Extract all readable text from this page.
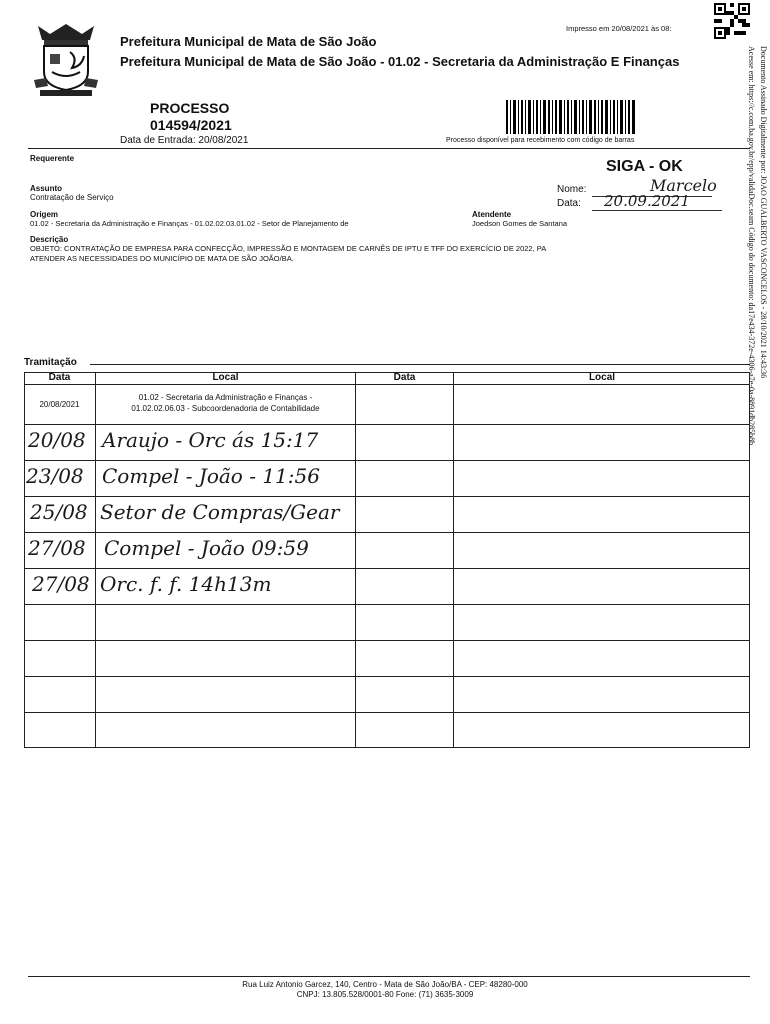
Prefeitura Municipal de Mata de São João
Prefeitura Municipal de Mata de São João - 01.02 - Secretaria da Administração E Finanças
Impresso em 20/08/2021 às 08:
Documento Assinado Digitalmente por: JOAO GUALBERTO VASCONCELOS - 28/10/2021 14:43:36
Acesse em: https://c.com.ba.gov.br/epp/validaDoc.seam Código do documento: da17e434-372e-4306-a7e-0a-8891db285b8b
PROCESSO
014594/2021
Data de Entrada: 20/08/2021	Processo disponível para recebimento com código de barras
Requerente
Assunto
Contratação de Serviço
Origem
01.02 - Secretaria da Administração e Finanças - 01.02.02.03.01.02 - Setor de Planejamento de
Atendente
Joedson Gomes de Santana
Descrição
OBJETO: CONTRATAÇÃO DE EMPRESA PARA CONFECÇÃO, IMPRESSÃO E MONTAGEM DE CARNÊS DE IPTU E TFF DO EXERCÍCIO DE 2022, PA
ATENDER AS NECESSIDADES DO MUNICÍPIO DE MATA DE SÃO JOÃO/BA.
SIGA - OK
Nome:	Marcelo
Data: 20.09.2021
Tramitação
Data	Local	Data	Local
20/08/2021
01.02 - Secretaria da Administração e Finanças -
01.02.02.06.03 - Subcoordenadoria de Contabilidade
20/08 Araujo - Orc ás 15:17
23/08 Compel - João - 11:56
25/08 Setor de Compras/Gear
27/08 Compel - João 09:59
27/08 Orc. f. f. 14h13m
Rua Luiz Antonio Garcez, 140, Centro - Mata de São João/BA - CEP: 48280-000
CNPJ: 13.805.528/0001-80 Fone: (71) 3635-3009
